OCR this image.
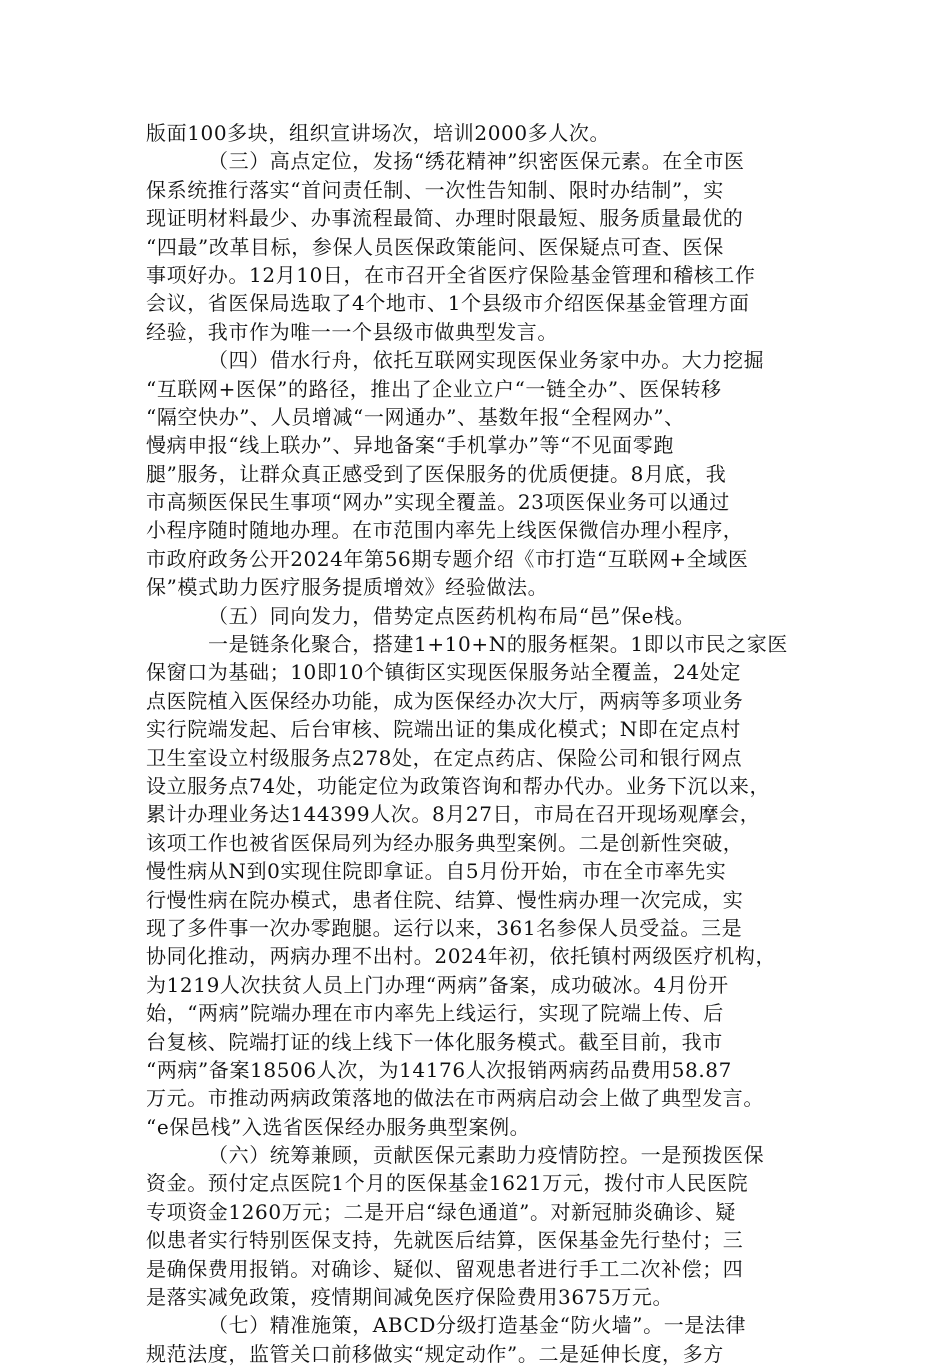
版面100多块，组织宣讲场次，培训2000多人次。
（三）高点定位，发扬“绣花精神”织密医保元素。在全市医
保系统推行落实“首问责任制、一次性告知制、限时办结制”，实
现证明材料最少、办事流程最简、办理时限最短、服务质量最优的
“四最”改革目标，参保人员医保政策能问、医保疑点可查、医保
事项好办。12月10日，在市召开全省医疗保险基金管理和稽核工作
会议，省医保局选取了4个地市、1个县级市介绍医保基金管理方面
经验，我市作为唯一一个县级市做典型发言。
（四）借水行舟，依托互联网实现医保业务家中办。大力挖掘
“互联网+医保”的路径，推出了企业立户“一链全办”、医保转移
“隔空快办”、人员增减“一网通办”、基数年报“全程网办”、
慢病申报“线上联办”、异地备案“手机掌办”等“不见面零跑
腿”服务，让群众真正感受到了医保服务的优质便捷。8月底，我
市高频医保民生事项“网办”实现全覆盖。23项医保业务可以通过
小程序随时随地办理。在市范围内率先上线医保微信办理小程序，
市政府政务公开2024年第56期专题介绍《市打造“互联网+全域医
保”模式助力医疗服务提质增效》经验做法。
（五）同向发力，借势定点医药机构布局“邑”保e栈。
一是链条化聚合，搭建1+10+N的服务框架。1即以市民之家医
保窗口为基础；10即10个镇街区实现医保服务站全覆盖，24处定
点医院植入医保经办功能，成为医保经办次大厅，两病等多项业务
实行院端发起、后台审核、院端出证的集成化模式；N即在定点村
卫生室设立村级服务点278处，在定点药店、保险公司和银行网点
设立服务点74处，功能定位为政策咨询和帮办代办。业务下沉以来，
累计办理业务达144399人次。8月27日，市局在召开现场观摩会，
该项工作也被省医保局列为经办服务典型案例。二是创新性突破，
慢性病从N到0实现住院即拿证。自5月份开始，市在全市率先实
行慢性病在院办模式，患者住院、结算、慢性病办理一次完成，实
现了多件事一次办零跑腿。运行以来，361名参保人员受益。三是
协同化推动，两病办理不出村。2024年初，依托镇村两级医疗机构，
为1219人次扶贫人员上门办理“两病”备案，成功破冰。4月份开
始，“两病”院端办理在市内率先上线运行，实现了院端上传、后
台复核、院端打证的线上线下一体化服务模式。截至目前，我市
“两病”备案18506人次，为14176人次报销两病药品费用58.87
万元。市推动两病政策落地的做法在市两病启动会上做了典型发言。
“e保邑栈”入选省医保经办服务典型案例。
（六）统筹兼顾，贡献医保元素助力疫情防控。一是预拨医保
资金。预付定点医院1个月的医保基金1621万元，拨付市人民医院
专项资金1260万元；二是开启“绿色通道”。对新冠肺炎确诊、疑
似患者实行特别医保支持，先就医后结算，医保基金先行垫付；三
是确保费用报销。对确诊、疑似、留观患者进行手工二次补偿；四
是落实减免政策，疫情期间减免医疗保险费用3675万元。
（七）精准施策，ABCD分级打造基金“防火墙”。一是法律
规范法度，监管关口前移做实“规定动作”。二是延伸长度，多方
